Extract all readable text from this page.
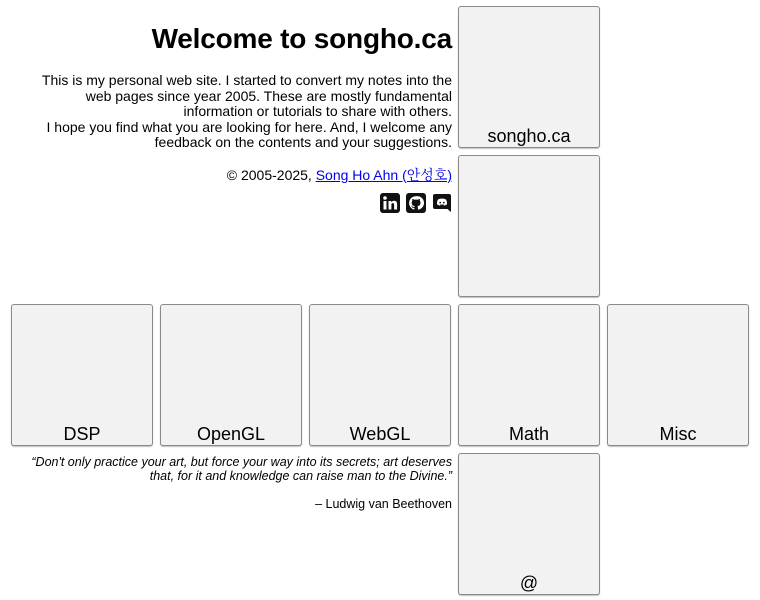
Welcome to songho.ca
This is my personal web site. I started to convert my notes into the web pages since year 2005. These are mostly fundamental information or tutorials to share with others.
I hope you find what you are looking for here. And, I welcome any feedback on the contents and your suggestions.
© 2005-2025, Song Ho Ahn (안성호)
songho.ca
DSP	OpenGL	WebGL	Math	Misc
@
“Don't only practice your art, but force your way into its secrets; art deserves that, for it and knowledge can raise man to the Divine.”
– Ludwig van Beethoven
